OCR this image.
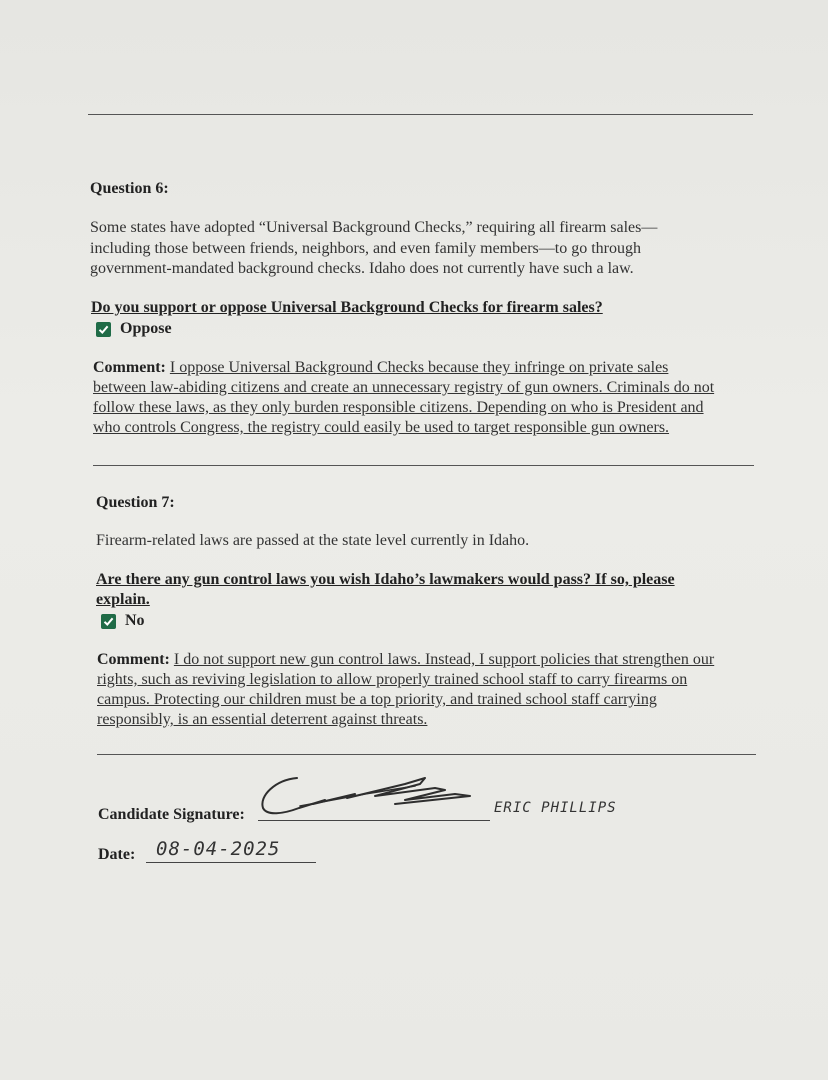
Question 6:
Some states have adopted “Universal Background Checks,” requiring all firearm sales—
including those between friends, neighbors, and even family members—to go through
government-mandated background checks. Idaho does not currently have such a law.
Do you support or oppose Universal Background Checks for firearm sales?
Oppose
Comment: I oppose Universal Background Checks because they infringe on private sales
between law-abiding citizens and create an unnecessary registry of gun owners. Criminals do not
follow these laws, as they only burden responsible citizens. Depending on who is President and
who controls Congress, the registry could easily be used to target responsible gun owners.
Question 7:
Firearm-related laws are passed at the state level currently in Idaho.
Are there any gun control laws you wish Idaho’s lawmakers would pass? If so, please
explain.
No
Comment: I do not support new gun control laws. Instead, I support policies that strengthen our
rights, such as reviving legislation to allow properly trained school staff to carry firearms on
campus. Protecting our children must be a top priority, and trained school staff carrying
responsibly, is an essential deterrent against threats.
Candidate Signature:	ERIC PHILLIPS
Date: 08-04-2025
